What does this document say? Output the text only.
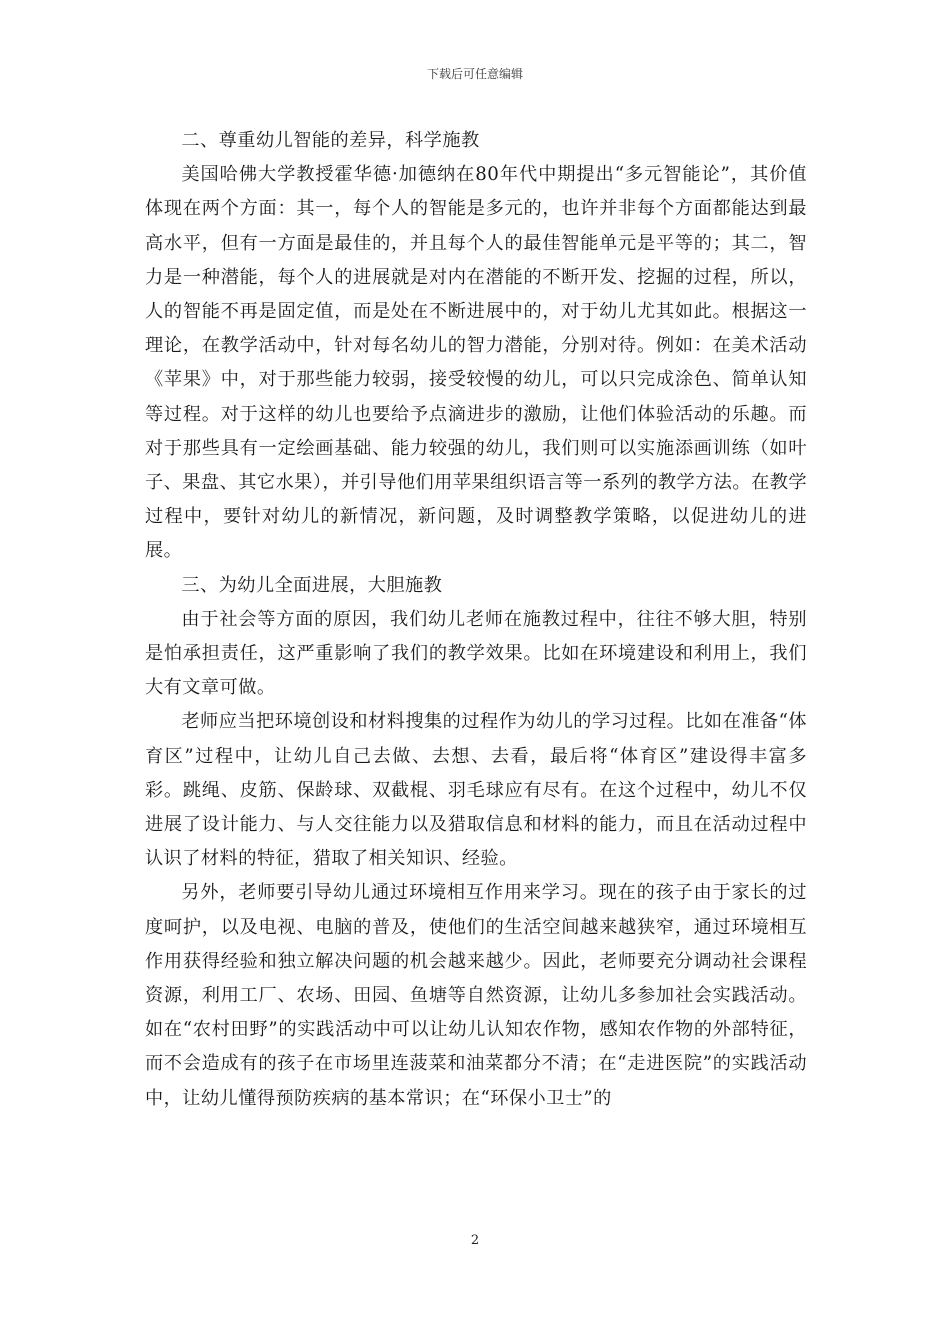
下载后可任意编辑

二、尊重幼儿智能的差异，科学施教

美国哈佛大学教授霍华德·加德纳在80年代中期提出“多元智能论”，其价值体现在两个方面：其一，每个人的智能是多元的，也许并非每个方面都能达到最高水平，但有一方面是最佳的，并且每个人的最佳智能单元是平等的；其二，智力是一种潜能，每个人的进展就是对内在潜能的不断开发、挖掘的过程，所以，人的智能不再是固定值，而是处在不断进展中的，对于幼儿尤其如此。根据这一理论，在教学活动中，针对每名幼儿的智力潜能，分别对待。例如：在美术活动《苹果》中，对于那些能力较弱，接受较慢的幼儿，可以只完成涂色、简单认知等过程。对于这样的幼儿也要给予点滴进步的激励，让他们体验活动的乐趣。而对于那些具有一定绘画基础、能力较强的幼儿，我们则可以实施添画训练（如叶子、果盘、其它水果），并引导他们用苹果组织语言等一系列的教学方法。在教学过程中，要针对幼儿的新情况，新问题，及时调整教学策略，以促进幼儿的进展。

三、为幼儿全面进展，大胆施教

由于社会等方面的原因，我们幼儿老师在施教过程中，往往不够大胆，特别是怕承担责任，这严重影响了我们的教学效果。比如在环境建设和利用上，我们大有文章可做。

老师应当把环境创设和材料搜集的过程作为幼儿的学习过程。比如在准备“体育区”过程中，让幼儿自己去做、去想、去看，最后将“体育区”建设得丰富多彩。跳绳、皮筋、保龄球、双截棍、羽毛球应有尽有。在这个过程中，幼儿不仅进展了设计能力、与人交往能力以及猎取信息和材料的能力，而且在活动过程中认识了材料的特征，猎取了相关知识、经验。

另外，老师要引导幼儿通过环境相互作用来学习。现在的孩子由于家长的过度呵护，以及电视、电脑的普及，使他们的生活空间越来越狭窄，通过环境相互作用获得经验和独立解决问题的机会越来越少。因此，老师要充分调动社会课程资源，利用工厂、农场、田园、鱼塘等自然资源，让幼儿多参加社会实践活动。如在“农村田野”的实践活动中可以让幼儿认知农作物，感知农作物的外部特征，而不会造成有的孩子在市场里连菠菜和油菜都分不清；在“走进医院”的实践活动中，让幼儿懂得预防疾病的基本常识；在“环保小卫士”的

2
